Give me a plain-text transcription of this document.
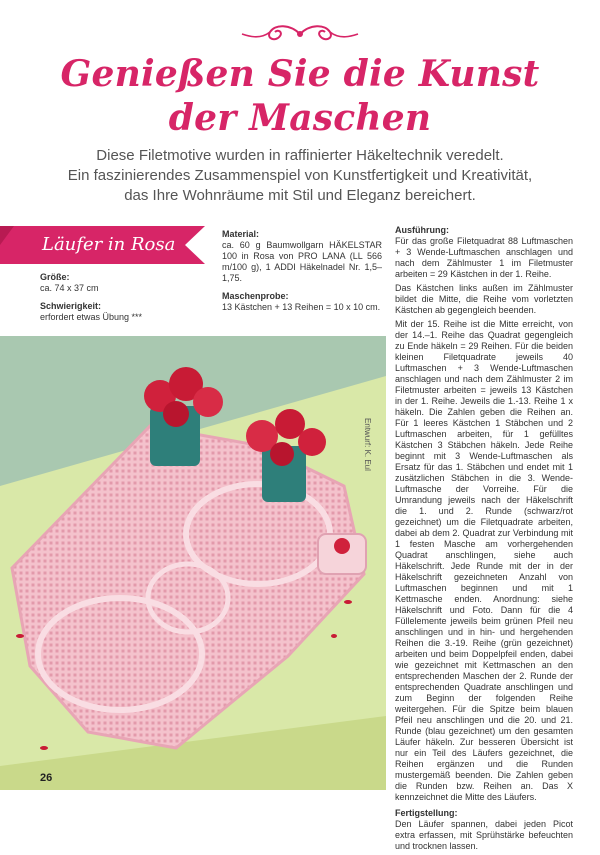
Genießen Sie die Kunst
der Maschen
Diese Filetmotive wurden in raffinierter Häkeltechnik veredelt.
Ein faszinierendes Zusammenspiel von Kunstfertigkeit und Kreativität,
das Ihre Wohnräume mit Stil und Eleganz bereichert.
Läufer in Rosa
Größe:
ca. 74 x 37 cm
Schwierigkeit:
erfordert etwas Übung ***
Material:
ca. 60 g Baumwollgarn HÄKELSTAR 100 in Rosa von PRO LANA (LL 566 m/100 g), 1 ADDI Häkelnadel Nr. 1,5–1,75.
Maschenprobe:
13 Kästchen + 13 Reihen = 10 x 10 cm.
Ausführung:

Für das große Filetquadrat 88 Luftmaschen + 3 Wende-Luftmaschen anschlagen und nach dem Zählmuster 1 im Filetmuster arbeiten = 29 Kästchen in der 1. Reihe.

Das Kästchen links außen im Zählmuster bildet die Mitte, die Reihe vom vorletzten Kästchen ab gegengleich beenden.

Mit der 15. Reihe ist die Mitte erreicht, von der 14.–1. Reihe das Quadrat gegengleich zu Ende häkeln = 29 Reihen. Für die beiden kleinen Filetquadrate jeweils 40 Luftmaschen + 3 Wende-Luftmaschen anschlagen und nach dem Zählmuster 2 im Filetmuster arbeiten = jeweils 13 Kästchen in der 1. Reihe. Jeweils die 1.-13. Reihe 1 x häkeln. Die Zahlen geben die Reihen an. Für 1 leeres Kästchen 1 Stäbchen und 2 Luftmaschen arbeiten, für 1 gefülltes Kästchen 3 Stäbchen häkeln. Jede Reihe beginnt mit 3 Wende-Luftmaschen als Ersatz für das 1. Stäbchen und endet mit 1 zusätzlichen Stäbchen in die 3. Wende-Luftmasche der Vorreihe. Für die Umrandung jeweils nach der Häkelschrift die 1. und 2. Runde (schwarz/rot gezeichnet) um die Filetquadrate arbeiten, dabei ab dem 2. Quadrat zur Verbindung mit 1 festen Masche am vorhergehenden Quadrat anschlingen, siehe auch Häkelschrift. Jede Runde mit der in der Häkelschrift gezeichneten Anzahl von Luftmaschen beginnen und mit 1 Kettmasche enden. Anordnung: siehe Häkelschrift und Foto. Dann für die 4 Füllelemente jeweils beim grünen Pfeil neu anschlingen und in hin- und hergehenden Reihen die 3.-19. Reihe (grün gezeichnet) arbeiten und beim Doppelpfeil enden, dabei wie gezeichnet mit Kettmaschen an den entsprechenden Maschen der 2. Runde der entsprechenden Quadrate anschlingen und zum Beginn der folgenden Reihe weitergehen. Für die Spitze beim blauen Pfeil neu anschlingen und die 20. und 21. Runde (blau gezeichnet) um den gesamten Läufer häkeln. Zur besseren Übersicht ist nur ein Teil des Läufers gezeichnet, die Reihen ergänzen und die Runden mustergemäß beenden. Die Zahlen geben die Runden bzw. Reihen an. Das X kennzeichnet die Mitte des Läufers.

Fertigstellung:

Den Läufer spannen, dabei jeden Picot extra erfassen, mit Sprühstärke befeuchten und trocknen lassen.

Entwurf: K. Eul
26
